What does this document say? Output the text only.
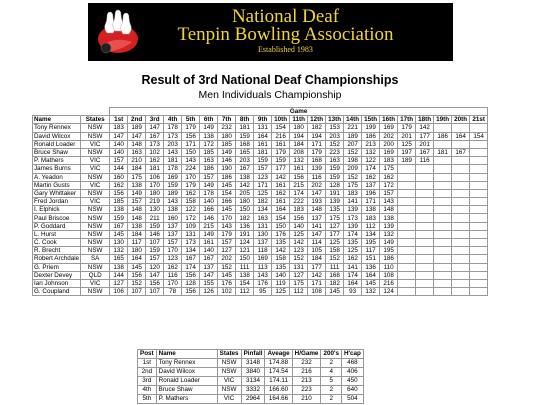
National Deaf
Tenpin Bowling Association
Established 1983
Result of 3rd National Deaf Championships
Men Individuals Championship
		Game																				
Name	States	1st	2nd	3rd	4th	5th	6th	7th	8th	9th	10th	11th	12th	13th	14th	15th	16th	17th	18th	19th	20th	21st
Tony Rennex	NSW	183	189	147	178	179	149	232	181	131	154	180	182	153	221	199	169	179	142			
David Wilcox	NSW	147	147	167	173	156	138	180	159	164	216	194	194	203	189	186	202	201	177	186	164	154
Ronald Loader	VIC	140	148	173	203	171	172	185	168	161	161	184	171	152	207	213	200	125	201			
Bruce Shaw	NSW	140	163	102	143	150	185	149	165	181	179	208	179	223	152	132	169	197	167	181	167	
P. Mathers	VIC	157	210	162	181	143	163	146	203	159	159	132	168	163	198	122	183	189	116			
James Burns	VIC	144	184	181	178	224	186	190	167	157	177	161	139	159	209	174	175					
A. Yeadon	NSW	160	175	106	169	170	157	186	138	123	142	156	116	159	152	162	162					
Martin Gusts	VIC	162	138	170	159	179	149	145	142	171	161	215	202	128	175	137	172					
Gary Whittaker	NSW	156	149	180	189	162	178	154	205	125	162	174	147	191	183	196	157					
Fred Jordan	VIC	185	157	219	143	158	140	166	180	182	161	222	193	139	141	171	143					
I. Elphick	NSW	138	148	130	138	122	166	145	150	134	164	183	148	135	139	138	148					
Paul Briscoe	NSW	159	148	211	160	172	146	170	182	163	154	156	137	175	173	183	138					
P. Goddard	NSW	167	138	159	137	109	215	143	136	131	150	140	141	127	139	112	139					
L. Hurst	NSW	145	184	146	137	131	149	179	191	130	176	125	147	177	174	134	132					
C. Cook	NSW	130	117	107	157	173	161	157	124	137	135	142	114	125	135	195	149					
R. Brecht	NSW	132	180	159	170	134	140	127	121	118	142	123	105	158	125	117	195					
Robert Archdale	SA	165	164	157	123	167	167	202	150	169	158	152	184	152	162	151	186					
G. Priem	NSW	138	145	120	162	174	137	152	111	113	135	131	177	111	141	136	110					
Dexter Devey	QLD	144	156	147	116	156	147	145	138	143	140	127	142	168	174	164	108					
Ian Johnson	VIC	127	152	156	170	128	155	176	154	176	119	175	171	182	164	145	216					
G. Coupland	NSW	106	107	107	78	156	126	102	112	95	125	112	108	145	93	132	124					
Post	Name	States	Pinfall	Aveage	H/Game	200's	H'cap
1st	Tony Rennex	NSW	3148	174.88	232	2	468
2nd	David Wilcox	NSW	3840	174.54	216	4	406
3rd	Ronald Loader	VIC	3134	174.11	213	5	450
4th	Bruce Shaw	NSW	3332	166.60	223	2	640
5th	P. Mathers	VIC	2964	164.66	210	2	504
